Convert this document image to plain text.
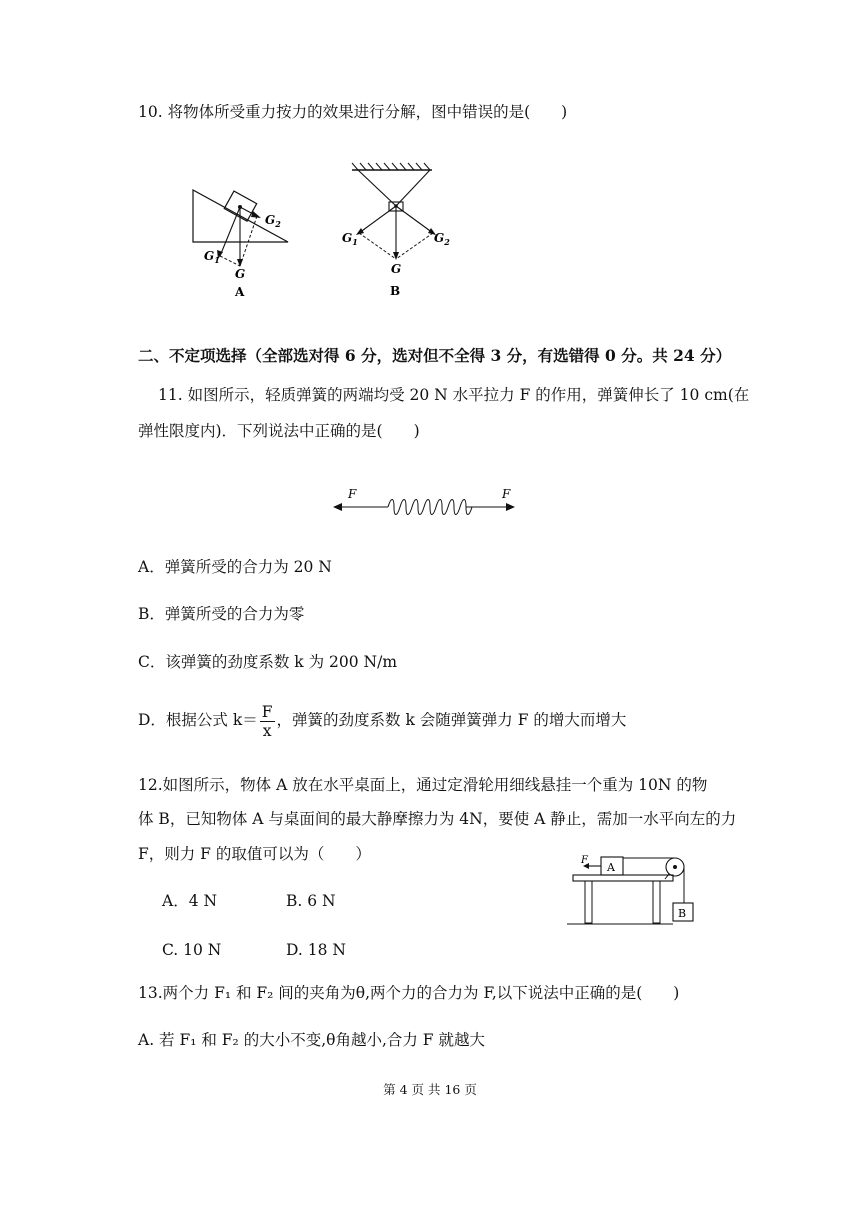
10. 将物体所受重力按力的效果进行分解，图中错误的是(　　)
$G_2$
$G_1$
G
A
$G_1$	$G_2$
G
B
二、不定项选择（全部选对得 6 分，选对但不全得 3 分，有选错得 0 分。共 24 分）
11. 如图所示，轻质弹簧的两端均受 20 N 水平拉力 F 的作用，弹簧伸长了 10 cm(在
弹性限度内)．下列说法中正确的是(　　)
F	F
A．弹簧所受的合力为 20 N
B．弹簧所受的合力为零
C．该弹簧的劲度系数 k 为 200 N/m
D．根据公式 $k= \frac{F}{x}$ ，弹簧的劲度系数 k 会随弹簧弹力 F 的增大而增大
12.如图所示，物体 A 放在水平桌面上，通过定滑轮用细线悬挂一个重为 10N 的物
体 B，已知物体 A 与桌面间的最大静摩擦力为 4N，要使 A 静止，需加一水平向左的力
F，则力 F 的取值可以为（　　）
A．4 N	B. 6 N
C. 10 N	D. 18 N
A
F
B
13.两个力 F₁ 和 F₂ 间的夹角为θ,两个力的合力为 F,以下说法中正确的是(　　)
A. 若 F₁ 和 F₂ 的大小不变,θ角越小,合力 F 就越大
第 4 页 共 16 页
